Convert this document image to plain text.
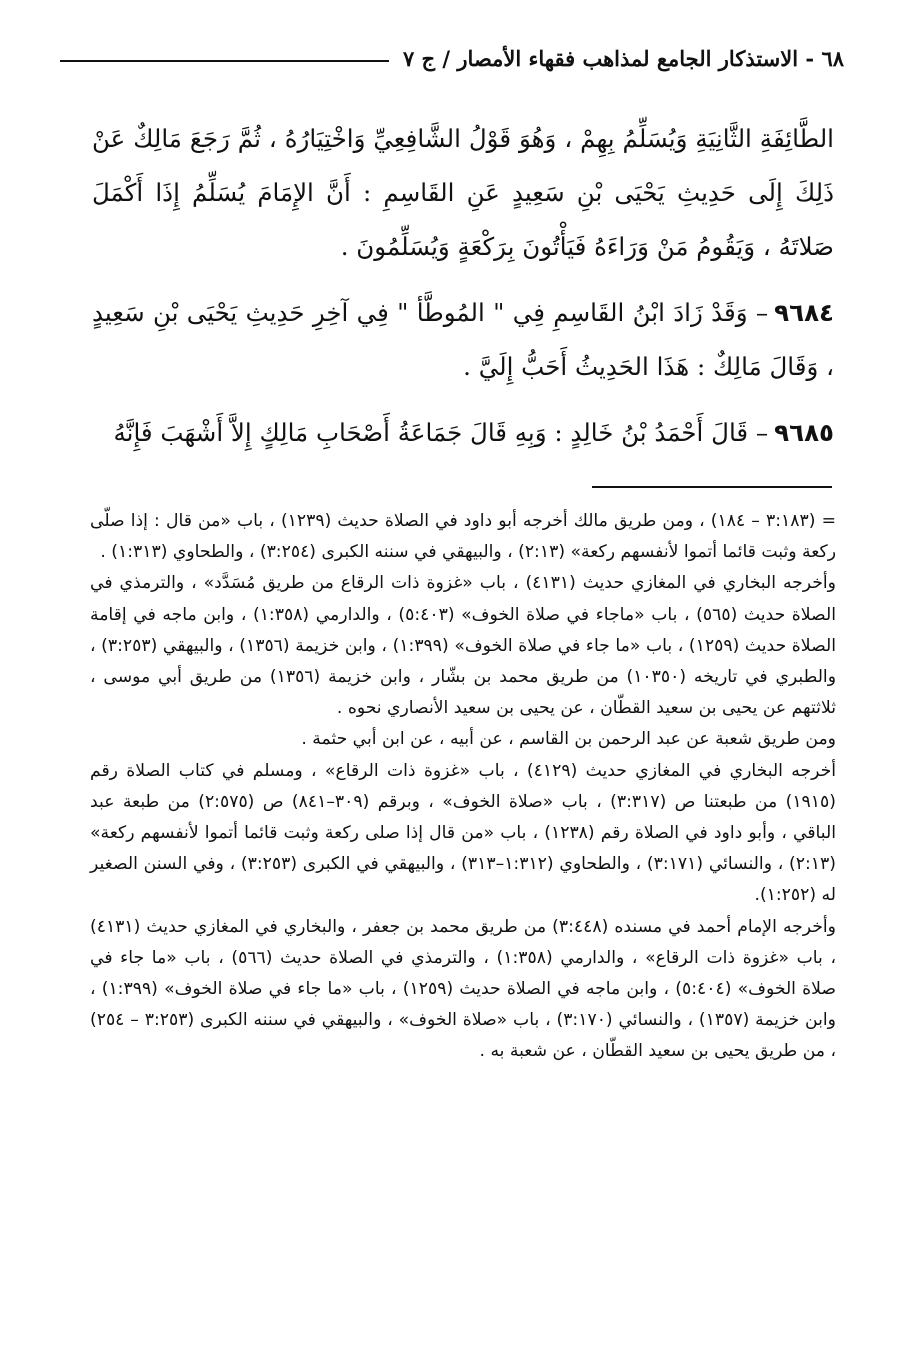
٦٨ - الاستذكار الجامع لمذاهب فقهاء الأمصار / ج ٧

الطَّائِفَةِ الثَّانِيَةِ وَيُسَلِّمُ بِهِمْ ، وَهُوَ قَوْلُ الشَّافِعِيِّ وَاخْتِيَارُهُ ، ثُمَّ رَجَعَ مَالِكٌ عَنْ ذَلِكَ إِلَى حَدِيثِ يَحْيَى بْنِ سَعِيدٍ عَنِ القَاسِمِ : أَنَّ الإِمَامَ يُسَلِّمُ إِذَا أَكْمَلَ صَلاتَهُ ، وَيَقُومُ مَنْ وَرَاءَهُ فَيَأْتُونَ بِرَكْعَةٍ وَيُسَلِّمُونَ .

٩٦٨٤– وَقَدْ زَادَ ابْنُ القَاسِمِ فِي " المُوطَّأ " فِي آخِرِ حَدِيثِ يَحْيَى بْنِ سَعِيدٍ ، وَقَالَ مَالِكٌ : هَذَا الحَدِيثُ أَحَبُّ إِلَيَّ .

٩٦٨٥– قَالَ أَحْمَدُ بْنُ خَالِدٍ : وَبِهِ قَالَ جَمَاعَةُ أَصْحَابِ مَالِكٍ إِلاَّ أَشْهَبَ فَإِنَّهُ

= (٣:١٨٣ – ١٨٤) ، ومن طريق مالك أخرجه أبو داود في الصلاة حديث (١٢٣٩) ، باب «من قال : إذا صلّى ركعة وثبت قائما أتموا لأنفسهم ركعة» (٢:١٣) ، والبيهقي في سننه الكبرى (٣:٢٥٤) ، والطحاوي (١:٣١٣) .

وأخرجه البخاري في المغازي حديث (٤١٣١) ، باب «غزوة ذات الرقاع من طريق مُسَدَّد» ، والترمذي في الصلاة حديث (٥٦٥) ، باب «ماجاء في صلاة الخوف» (٥:٤٠٣) ، والدارمي (١:٣٥٨) ، وابن ماجه في إقامة الصلاة حديث (١٢٥٩) ، باب «ما جاء في صلاة الخوف» (١:٣٩٩) ، وابن خزيمة (١٣٥٦) ، والبيهقي (٣:٢٥٣) ، والطبري في تاريخه (١٠٣٥٠) من طريق محمد بن بشّار ، وابن خزيمة (١٣٥٦) من طريق أبي موسى ، ثلاثتهم عن يحيى بن سعيد القطّان ، عن يحيى بن سعيد الأنصاري نحوه .

ومن طريق شعبة عن عبد الرحمن بن القاسم ، عن أبيه ، عن ابن أبي حثمة .

أخرجه البخاري في المغازي حديث (٤١٢٩) ، باب «غزوة ذات الرقاع» ، ومسلم في كتاب الصلاة رقم (١٩١٥) من طبعتنا ص (٣:٣١٧) ، باب «صلاة الخوف» ، وبرقم (٣٠٩–٨٤١) ص (٢:٥٧٥) من طبعة عبد الباقي ، وأبو داود في الصلاة رقم (١٢٣٨) ، باب «من قال إذا صلى ركعة وثبت قائما أتموا لأنفسهم ركعة» (٢:١٣) ، والنسائي (٣:١٧١) ، والطحاوي (١:٣١٢–٣١٣) ، والبيهقي في الكبرى (٣:٢٥٣) ، وفي السنن الصغير له (١:٢٥٢).

وأخرجه الإمام أحمد في مسنده (٣:٤٤٨) من طريق محمد بن جعفر ، والبخاري في المغازي حديث (٤١٣١) ، باب «غزوة ذات الرقاع» ، والدارمي (١:٣٥٨) ، والترمذي في الصلاة حديث (٥٦٦) ، باب «ما جاء في صلاة الخوف» (٥:٤٠٤) ، وابن ماجه في الصلاة حديث (١٢٥٩) ، باب «ما جاء في صلاة الخوف» (١:٣٩٩) ، وابن خزيمة (١٣٥٧) ، والنسائي (٣:١٧٠) ، باب «صلاة الخوف» ، والبيهقي في سننه الكبرى (٣:٢٥٣ – ٢٥٤) ، من طريق يحيى بن سعيد القطّان ، عن شعبة به .
